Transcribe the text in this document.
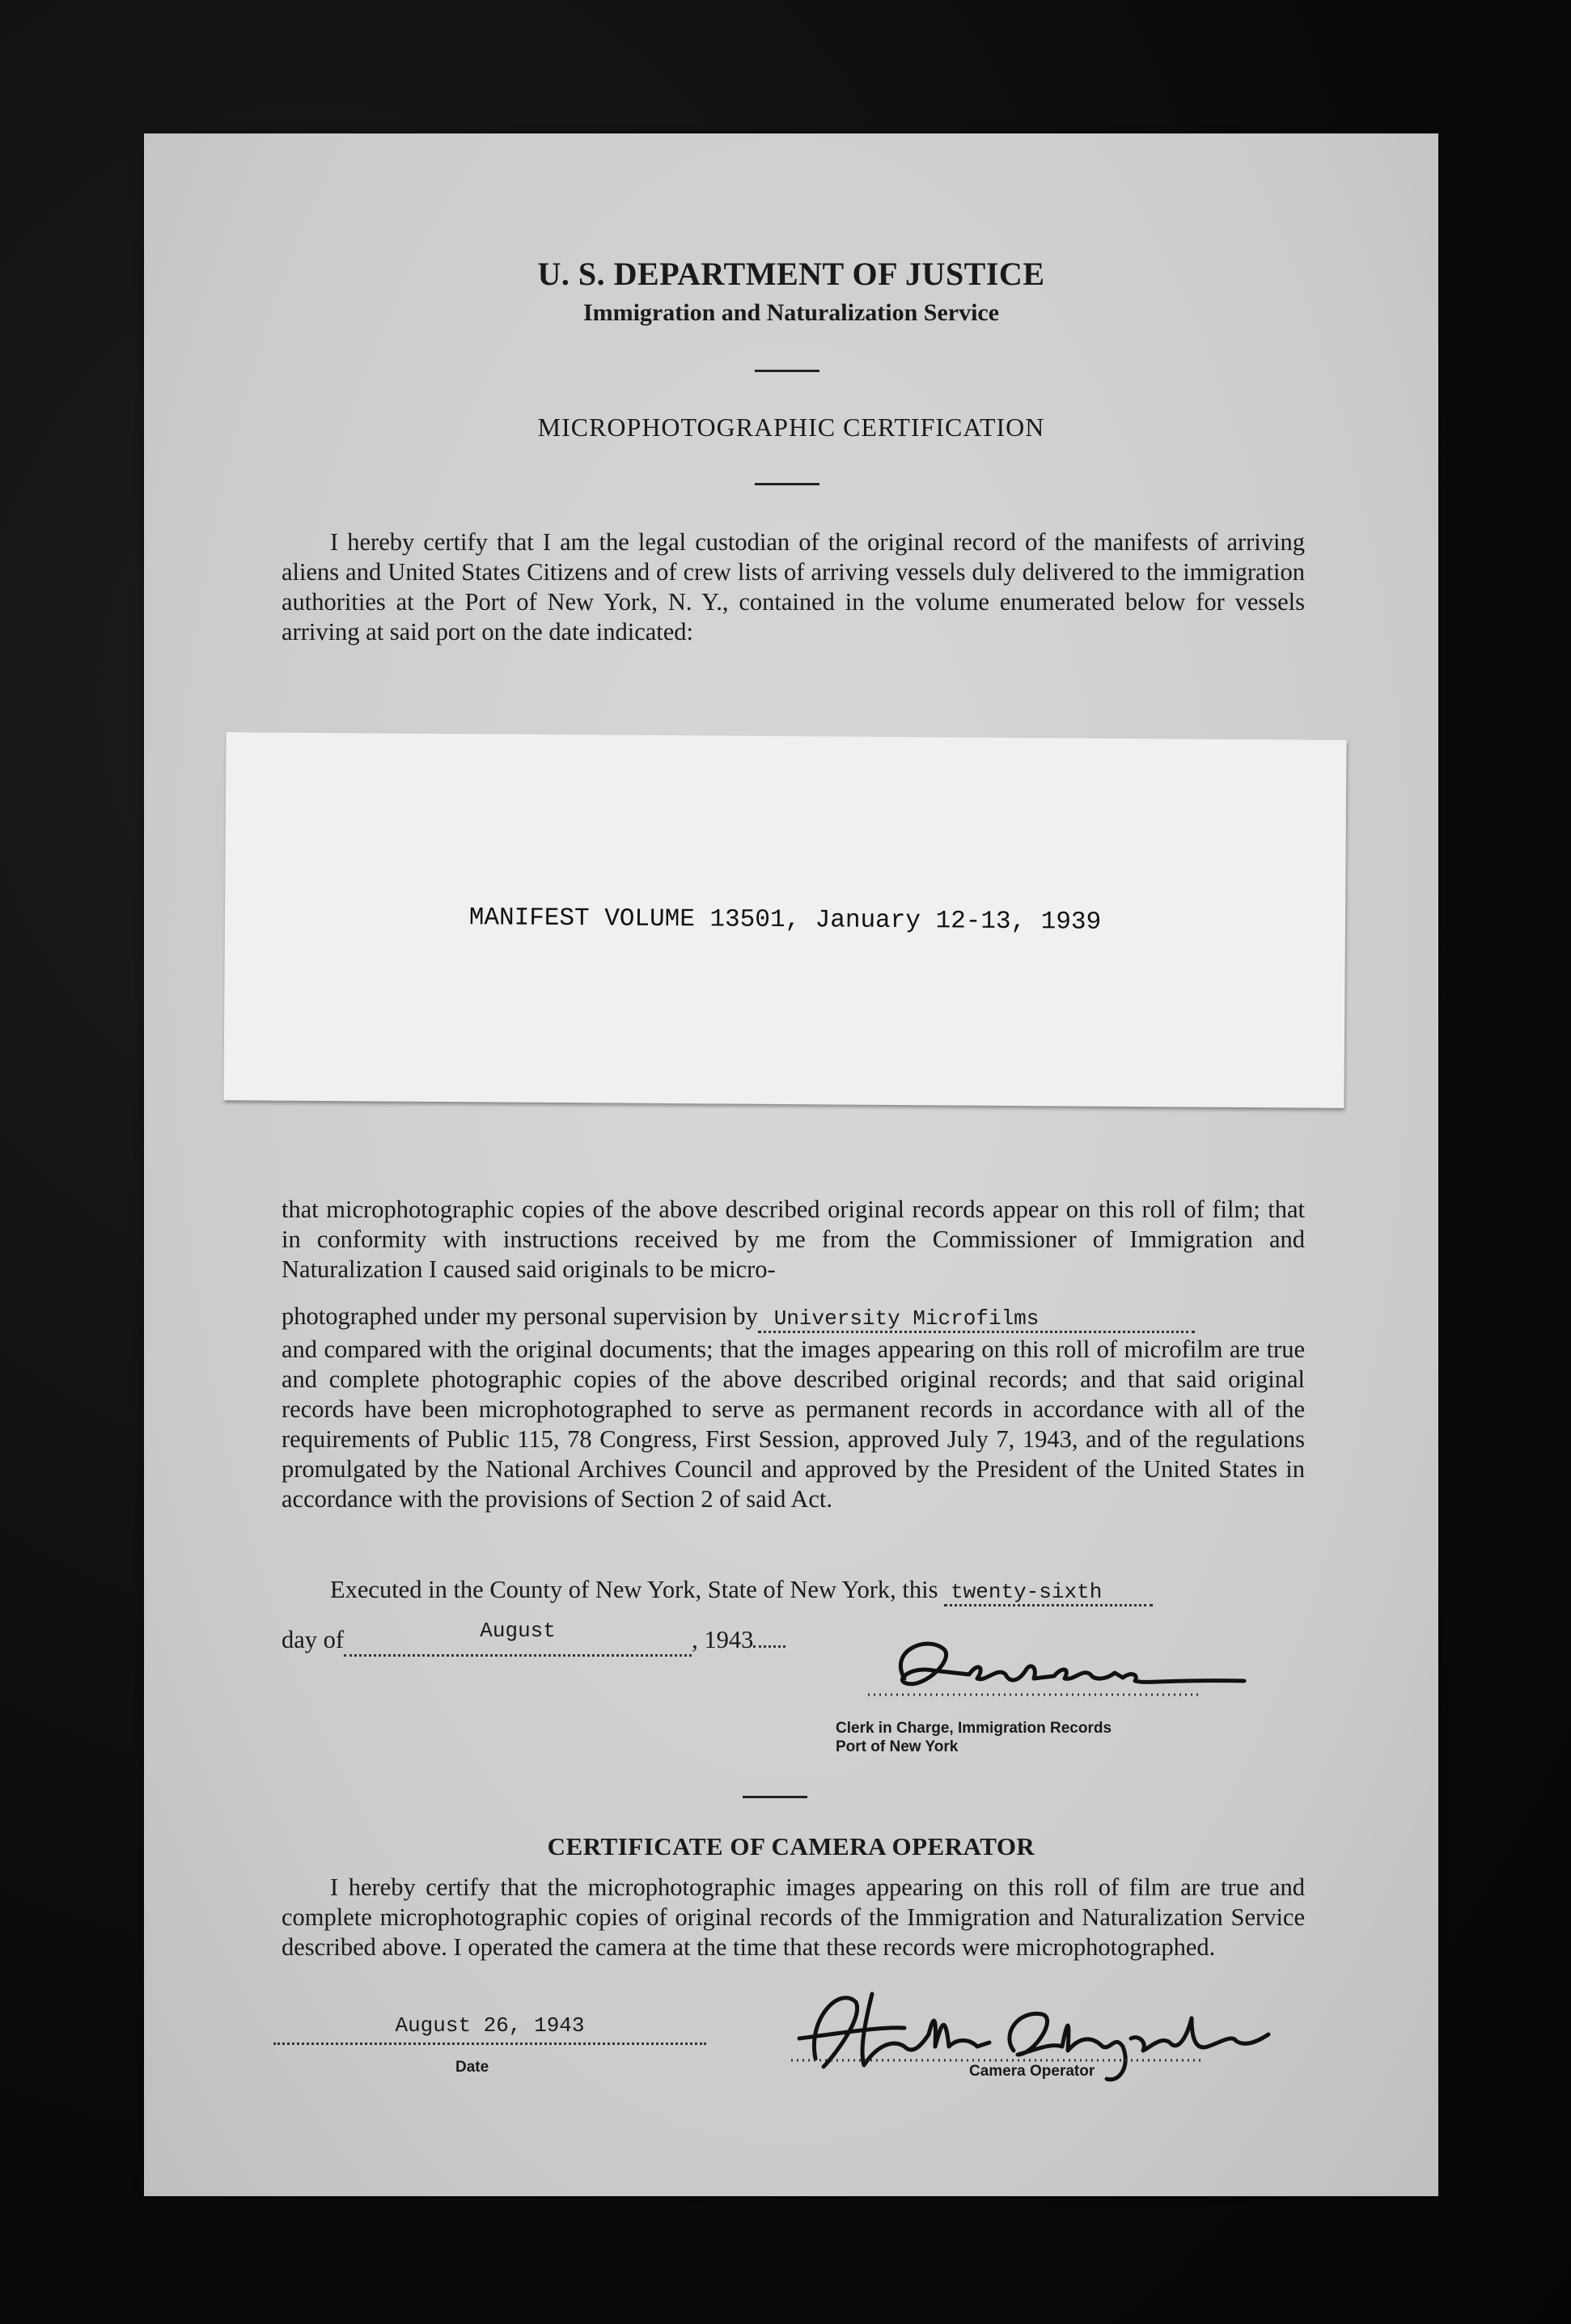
U. S. DEPARTMENT OF JUSTICE
Immigration and Naturalization Service
MICROPHOTOGRAPHIC CERTIFICATION

I hereby certify that I am the legal custodian of the original record of the manifests of arriving aliens and United States Citizens and of crew lists of arriving vessels duly delivered to the immigration authorities at the Port of New York, N. Y., contained in the volume enumerated below for vessels arriving at said port on the date indicated:

MANIFEST VOLUME 13501, January 12-13, 1939

that microphotographic copies of the above described original records appear on this roll of film; that in conformity with instructions received by me from the Commissioner of Immigration and Naturalization I caused said originals to be micro-

photographed under my personal supervision by University Microfilms

and compared with the original documents; that the images appearing on this roll of microfilm are true and complete photographic copies of the above described original records; and that said original records have been microphotographed to serve as permanent records in accordance with all of the requirements of Public 115, 78 Congress, First Session, approved July 7, 1943, and of the regulations promulgated by the National Archives Council and approved by the President of the United States in accordance with the provisions of Section 2 of said Act.

Executed in the County of New York, State of New York, this twenty-sixth
day of	August	, 1943
Clerk in Charge, Immigration Records
Port of New York
CERTIFICATE OF CAMERA OPERATOR

I hereby certify that the microphotographic images appearing on this roll of film are true and complete microphotographic copies of original records of the Immigration and Naturalization Service described above. I operated the camera at the time that these records were microphotographed.

August 26, 1943
Date	Camera Operator
